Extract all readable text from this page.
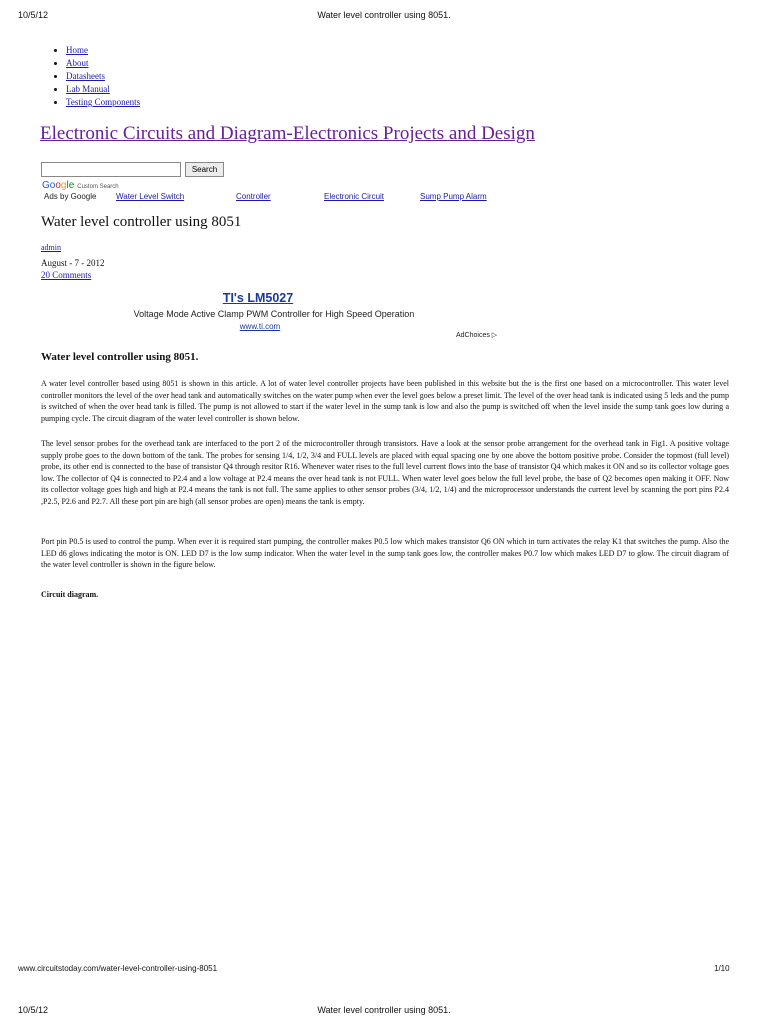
10/5/12	Water level controller using 8051.
• Home
• About
• Datasheets
• Lab Manual
• Testing Components
Electronic Circuits and Diagram-Electronics Projects and Design
Search
Google Custom Search
Ads by Google Water Level Switch	Controller	Electronic Circuit	Sump Pump Alarm
Water level controller using 8051
admin
August - 7 - 2012
20 Comments
TI's LM5027
Voltage Mode Active Clamp PWM Controller for High Speed Operation
www.ti.com
AdChoices ▷
Water level controller using 8051.

A water level controller based using 8051 is shown in this article. A lot of water level controller projects have been published in this website but the is the first one based on a microcontroller. This water level controller monitors the level of the over head tank and automatically switches on the water pump when ever the level goes below a preset limit. The level of the over head tank is indicated using 5 leds and the pump is switched of when the over head tank is filled. The pump is not allowed to start if the water level in the sump tank is low and also the pump is switched off when the level inside the sump tank goes low during a pumping cycle. The circuit diagram of the water level controller is shown below.

The level sensor probes for the overhead tank are interfaced to the port 2 of the microcontroller through transistors. Have a look at the sensor probe arrangement for the overhead tank in Fig1. A positive voltage supply probe goes to the down bottom of the tank. The probes for sensing 1/4, 1/2, 3/4 and FULL levels are placed with equal spacing one by one above the bottom positive probe. Consider the topmost (full level) probe, its other end is connected to the base of transistor Q4 through resitor R16. Whenever water rises to the full level current flows into the base of transistor Q4 which makes it ON and so its collector voltage goes low. The collector of Q4 is connected to P2.4 and a low voltage at P2.4 means the over head tank is not FULL. When water level goes below the full level probe, the base of Q2 becomes open making it OFF. Now its collector voltage goes high and high at P2.4 means the tank is not full. The same applies to other sensor probes (3/4, 1/2, 1/4) and the microprocessor understands the current level by scanning the port pins P2.4 ,P2.5, P2.6 and P2.7. All these port pin are high (all sensor probes are open) means the tank is empty.

Port pin P0.5 is used to control the pump. When ever it is required start pumping, the controller makes P0.5 low which makes transistor Q6 ON which in turn activates the relay K1 that switches the pump. Also the LED d6 glows indicating the motor is ON. LED D7 is the low sump indicator. When the water level in the sump tank goes low, the controller makes P0.7 low which makes LED D7 to glow. The circuit diagram of the water level controller is shown in the figure below.

Circuit diagram.
www.circuitstoday.com/water-level-controller-using-8051	1/10
10/5/12	Water level controller using 8051.
